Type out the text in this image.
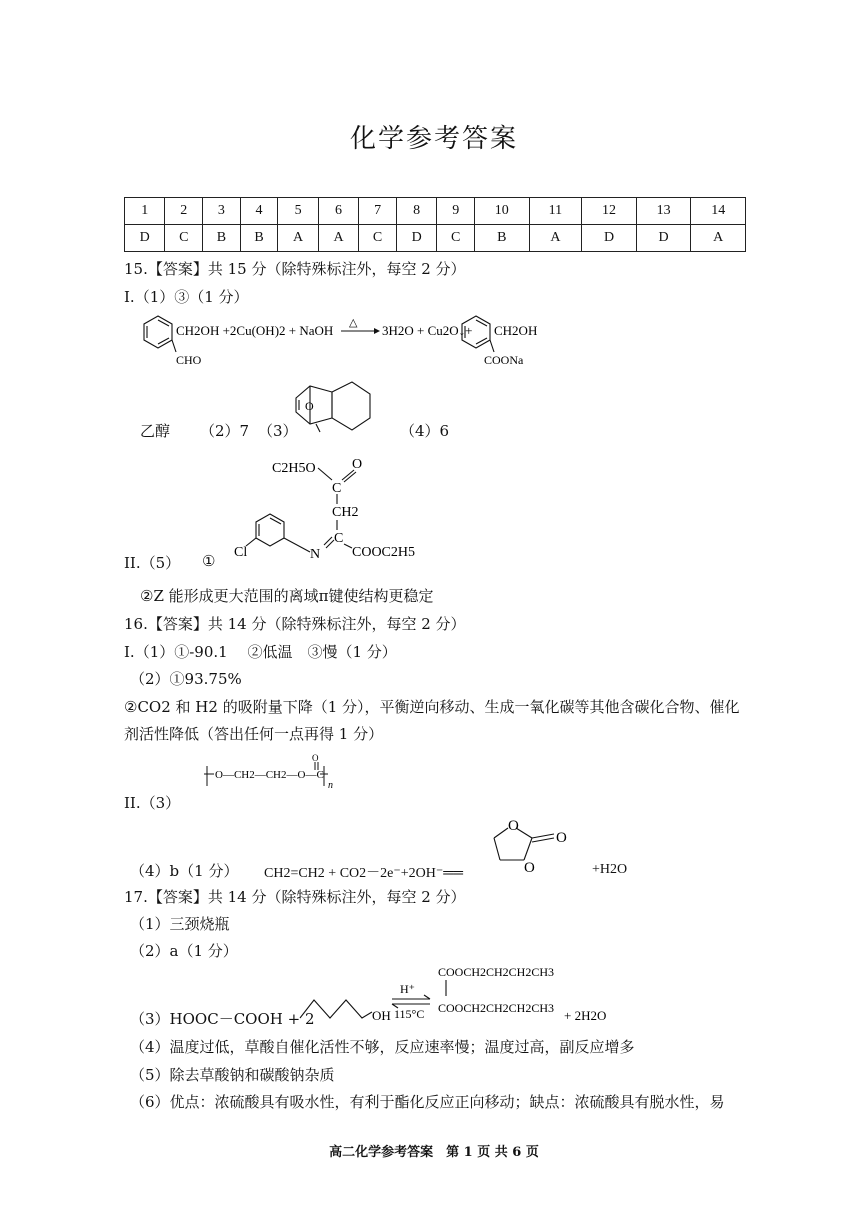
化学参考答案
1	2	3	4	5	6	7	8	9	10	11	12	13	14
D	C	B	B	A	A	C	D	C	B	A	D	D	A
15.【答案】共 15 分（除特殊标注外，每空 2 分）
I.（1）③（1 分）
CHO
CH2OH +2Cu(OH)2 + NaOH △ 3H2O + Cu2O↓+ CH2OH
COONa
乙醇 （2）7 （3）
O
（4）6
II.（5） ①
C2H5O	O
C
CH2
C
N COOC2H5
Cl
②Z 能形成更大范围的离域π键使结构更稳定
16.【答案】共 14 分（除特殊标注外，每空 2 分）
I.（1）①-90.1 　②低温　③慢（1 分）
（2）①93.75%
②CO2 和 H2 的吸附量下降（1 分），平衡逆向移动、生成一氧化碳等其他含碳化合物、催化
剂活性降低（答出任何一点再得 1 分）
O—CH2—CH2—O—C
O
n
II.（3）
（4）b（1 分） CH2=CH2 + CO2－2e⁻+2OH⁻══
O
O
O
+H2O
17.【答案】共 14 分（除特殊标注外，每空 2 分）
（1）三颈烧瓶
（2）a（1 分）
（3）HOOC－COOH + 2	OH
H⁺
115°C
COOCH2CH2CH2CH3
COOCH2CH2CH2CH3 + 2H2O
（4）温度过低，草酸自催化活性不够，反应速率慢；温度过高，副反应增多
（5）除去草酸钠和碳酸钠杂质
（6）优点：浓硫酸具有吸水性，有利于酯化反应正向移动；缺点：浓硫酸具有脱水性，易
高二化学参考答案　第 1 页 共 6 页
